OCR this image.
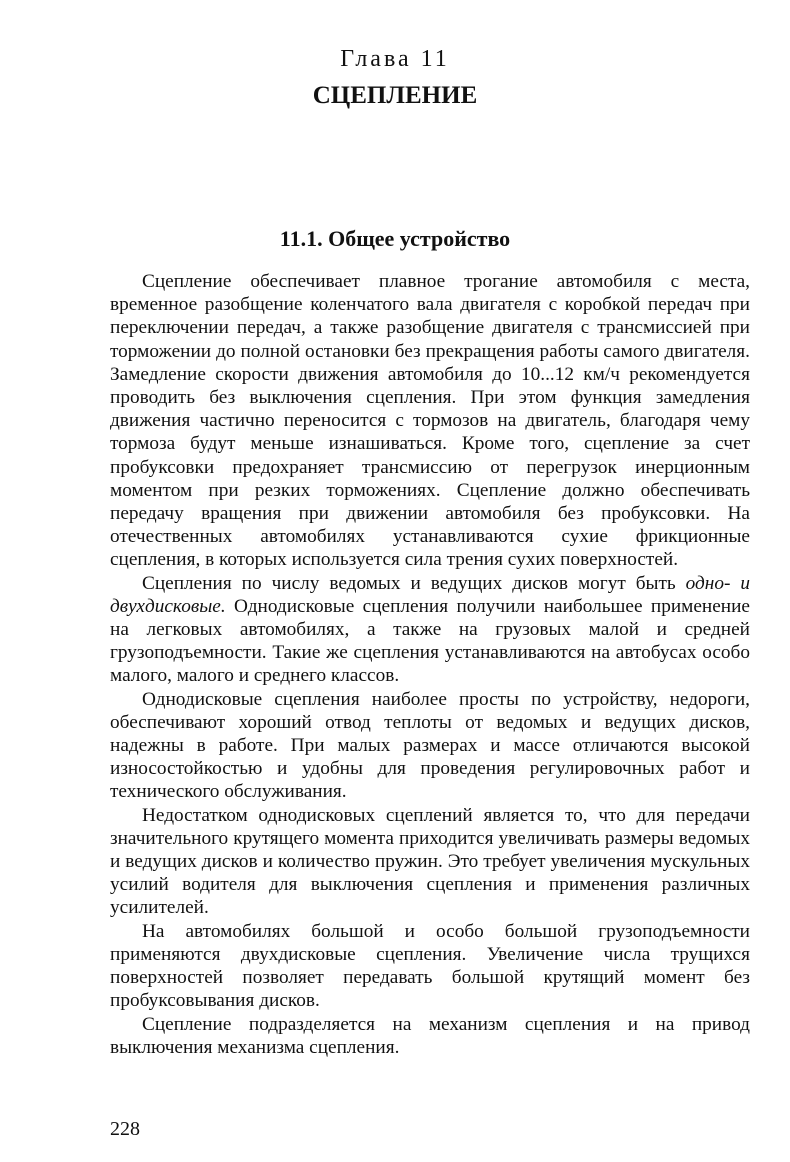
Глава 11
СЦЕПЛЕНИЕ
11.1. Общее устройство

Сцепление обеспечивает плавное трогание автомобиля с места, временное разобщение коленчатого вала двигателя с коробкой передач при переключении передач, а также разобщение двигателя с трансмиссией при торможении до полной остановки без прекращения работы самого двигателя. Замедление скорости движения автомобиля до 10...12 км/ч рекомендуется проводить без выключения сцепления. При этом функция замедления движения частично переносится с тормозов на двигатель, благодаря чему тормоза будут меньше изнашиваться. Кроме того, сцепление за счет пробуксовки предохраняет трансмиссию от перегрузок инерционным моментом при резких торможениях. Сцепление должно обеспечивать передачу вращения при движении автомобиля без пробуксовки. На отечественных автомобилях устанавливаются сухие фрикционные сцепления, в которых используется сила трения сухих поверхностей.

Сцепления по числу ведомых и ведущих дисков могут быть одно- и двухдисковые. Однодисковые сцепления получили наибольшее применение на легковых автомобилях, а также на грузовых малой и средней грузоподъемности. Такие же сцепления устанавливаются на автобусах особо малого, малого и среднего классов.

Однодисковые сцепления наиболее просты по устройству, недороги, обеспечивают хороший отвод теплоты от ведомых и ведущих дисков, надежны в работе. При малых размерах и массе отличаются высокой износостойкостью и удобны для проведения регулировочных работ и технического обслуживания.

Недостатком однодисковых сцеплений является то, что для передачи значительного крутящего момента приходится увеличивать размеры ведомых и ведущих дисков и количество пружин. Это требует увеличения мускульных усилий водителя для выключения сцепления и применения различных усилителей.

На автомобилях большой и особо большой грузоподъемности применяются двухдисковые сцепления. Увеличение числа трущихся поверхностей позволяет передавать большой крутящий момент без пробуксовывания дисков.

Сцепление подразделяется на механизм сцепления и на привод выключения механизма сцепления.

228
